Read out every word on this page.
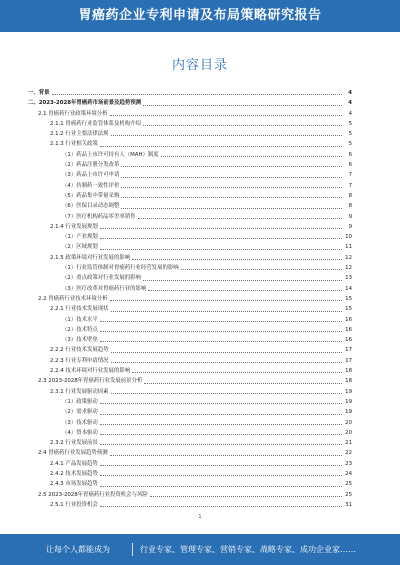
胃癌药企业专利申请及布局策略研究报告
内容目录
一、背景	4
二、2023-2028年胃癌药市场前景及趋势预测	4
2.1 胃癌药行业政策环境分析	4
2.1.1 胃癌药行业监管体系及机构介绍	5
2.1.2 行业主要法律法规	5
2.1.3 行业相关政策	5
（1）药品上市许可持有人（MAH）制度	6
（2）药品注册分类改革	6
（3）药品上市许可申请	7
（4）仿制药一致性评价	7
（5）药品集中带量采购	8
（6）医保目录动态调整	8
（7）医疗机构药品零差率销售	9
2.1.4 行业发展规划	9
（1）产业规划	10
（2）区域规划	11
2.1.5 政策环境对行业发展的影响	12
（1）行业监管体制对胃癌药行业经营发展的影响	12
（2）重点政策对行业发展的影响	13
（3）医疗改革对胃癌药行业的影响	14
2.2 胃癌药行业技术环境分析	15
2.2.1 行业技术发展现状	15
（1）技术水平	16
（2）技术特点	16
（3）技术壁垒	16
2.2.2 行业技术发展趋势	17
2.2.3 行业专利申请情况	17
2.2.4 技术环境对行业发展的影响	18
2.3 2023-2028年胃癌药行业发展前景分析	18
2.3.1 行业发展驱动因素	19
（1）政策驱动	19
（2）需求驱动	19
（3）技术驱动	20
（4）资本驱动	20
2.3.2 行业发展前景	21
2.4 胃癌药行业发展趋势预测	22
2.4.1 产品发展趋势	23
2.4.2 技术发展趋势	24
2.4.3 市场发展趋势	25
2.5 2023-2028年胃癌药行业投资机会与风险	25
2.5.1 行业投资机会	31
1
让每个人都能成为	行业专家、管理专家、营销专家、战略专家、成功企业家……
